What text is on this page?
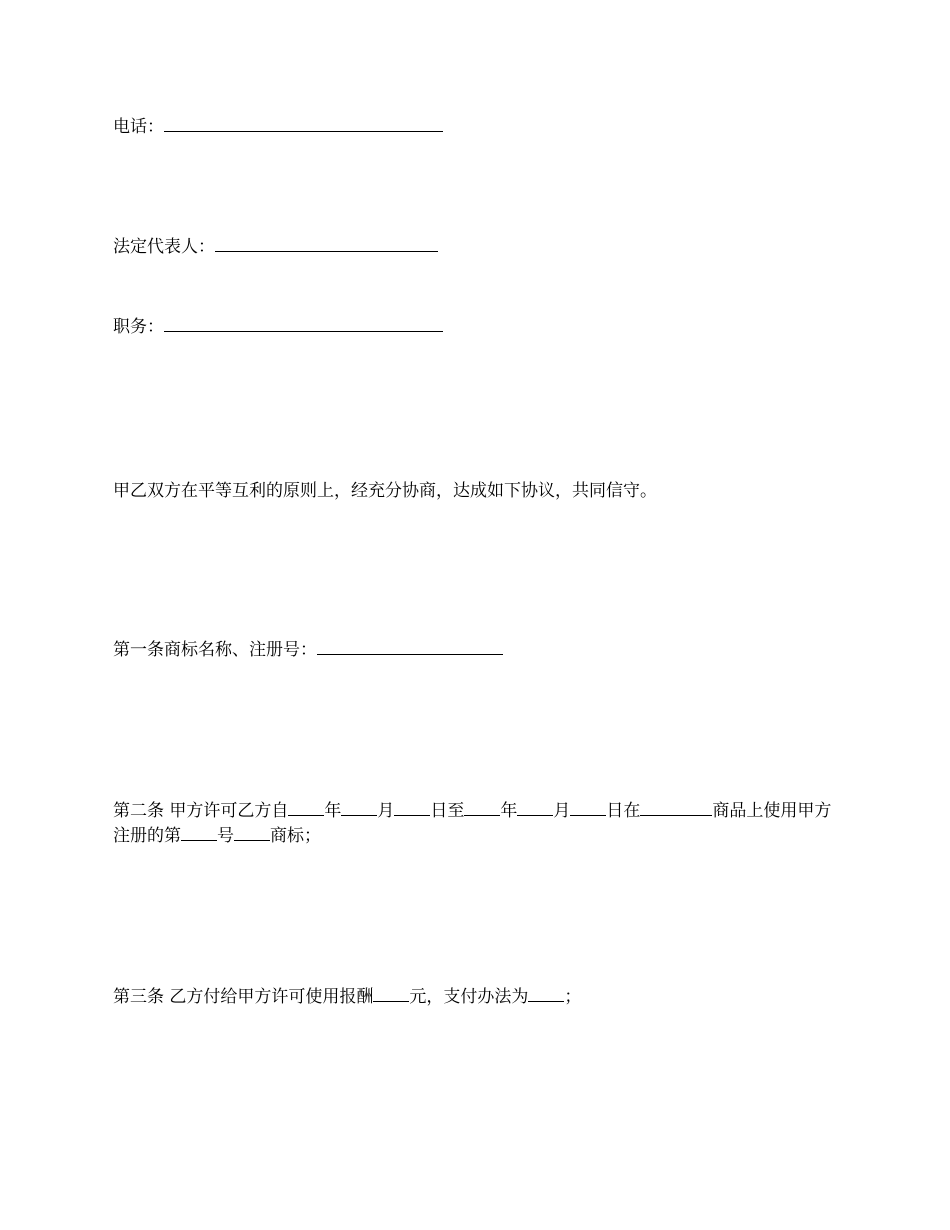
电话：

法定代表人：

职务：

甲乙双方在平等互利的原则上，经充分协商，达成如下协议，共同信守。

第一条商标名称、注册号：

第二条 甲方许可乙方自 年 月 日至 年 月 日在	商品上使用甲方注册的第 号 商标；

第三条 乙方付给甲方许可使用报酬 元，支付办法为 ；
